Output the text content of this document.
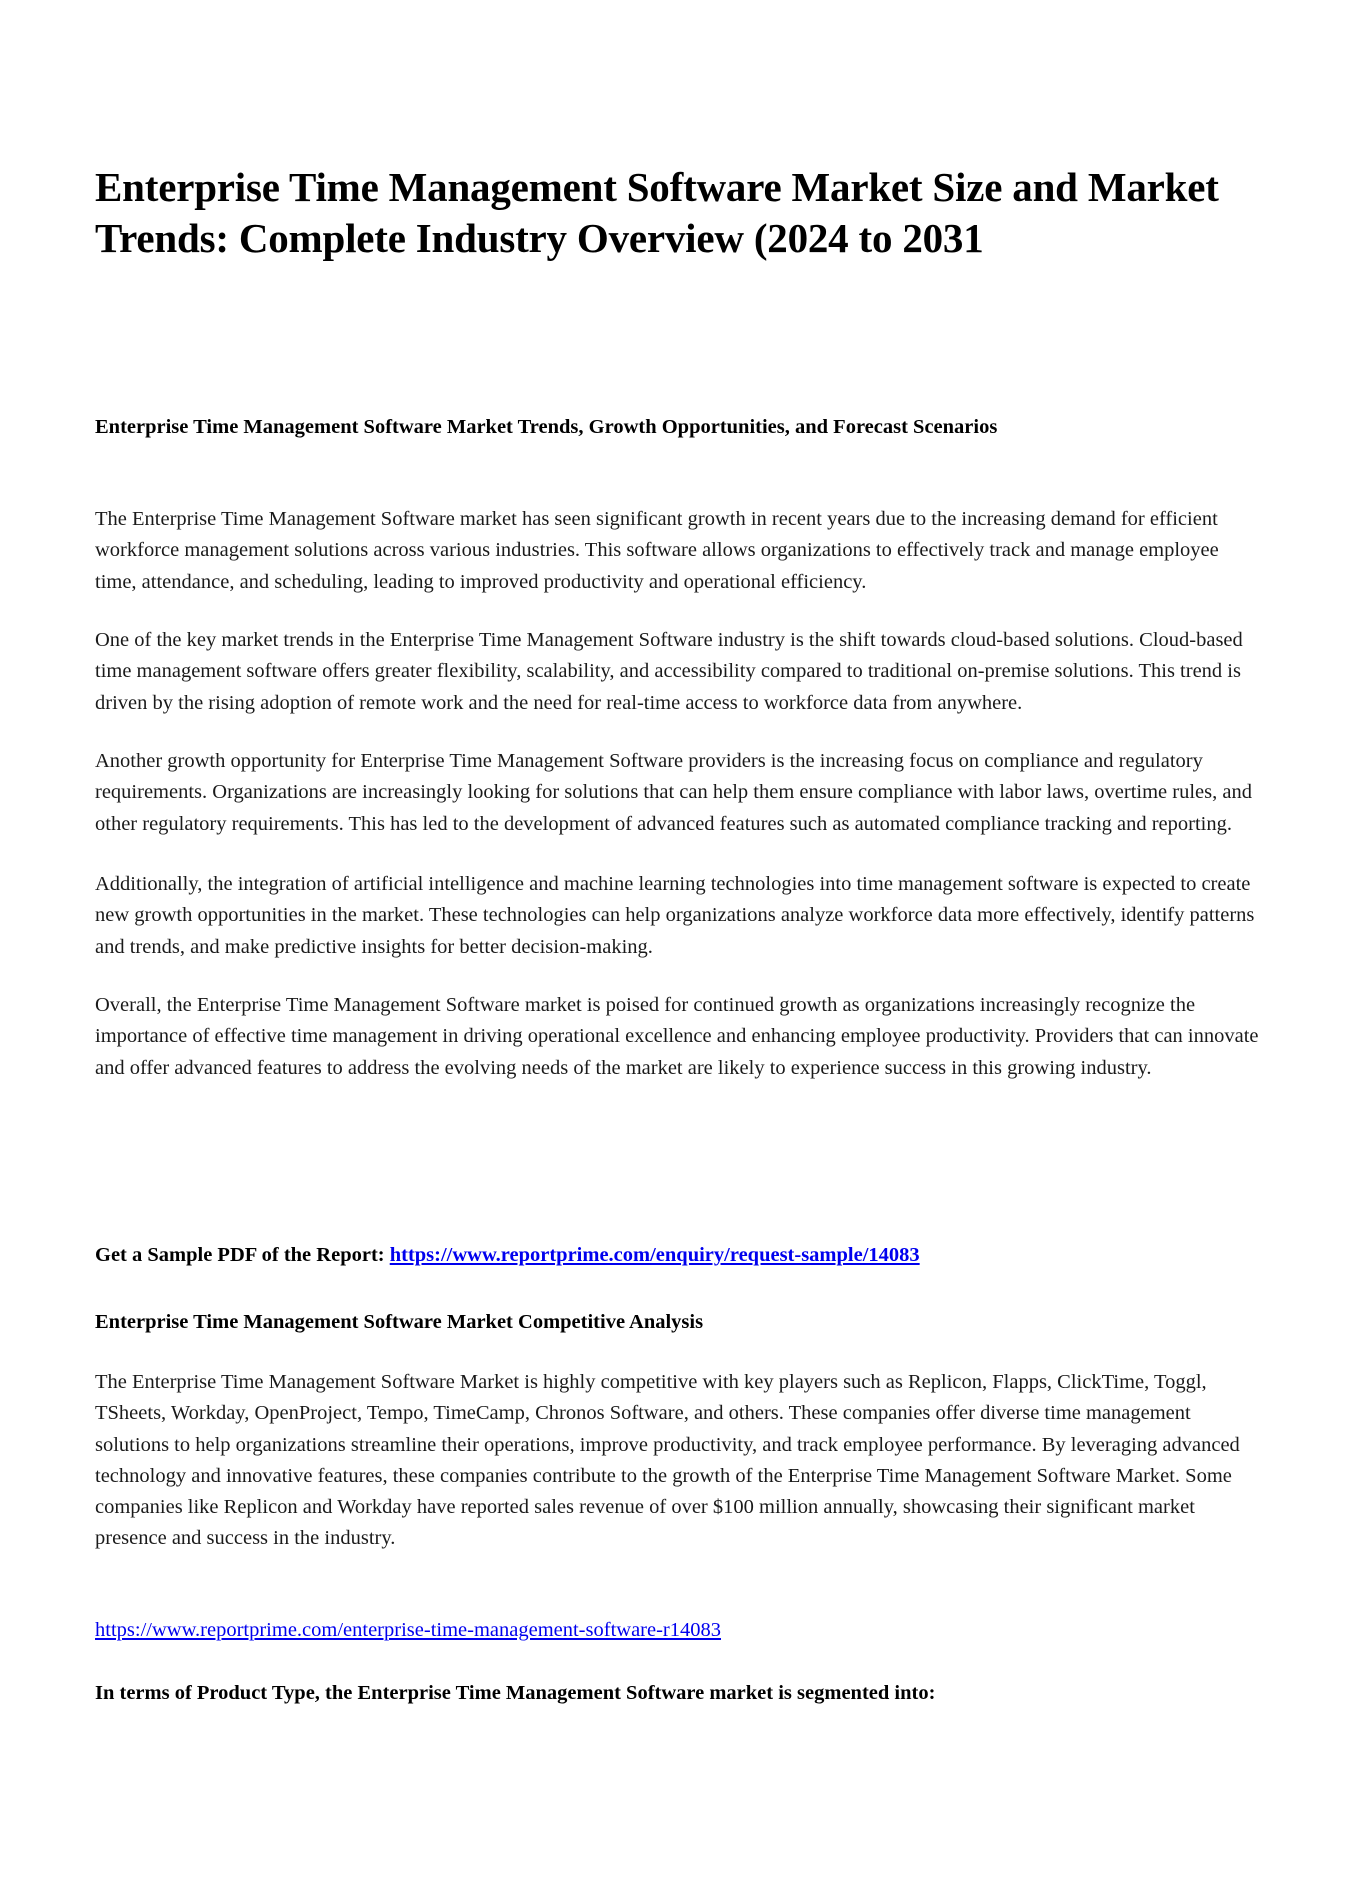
Enterprise Time Management Software Market Size and Market Trends: Complete Industry Overview (2024 to 2031
Enterprise Time Management Software Market Trends, Growth Opportunities, and Forecast Scenarios
The Enterprise Time Management Software market has seen significant growth in recent years due to the increasing demand for efficient workforce management solutions across various industries. This software allows organizations to effectively track and manage employee time, attendance, and scheduling, leading to improved productivity and operational efficiency.
One of the key market trends in the Enterprise Time Management Software industry is the shift towards cloud-based solutions. Cloud-based time management software offers greater flexibility, scalability, and accessibility compared to traditional on-premise solutions. This trend is driven by the rising adoption of remote work and the need for real-time access to workforce data from anywhere.
Another growth opportunity for Enterprise Time Management Software providers is the increasing focus on compliance and regulatory requirements. Organizations are increasingly looking for solutions that can help them ensure compliance with labor laws, overtime rules, and other regulatory requirements. This has led to the development of advanced features such as automated compliance tracking and reporting.
Additionally, the integration of artificial intelligence and machine learning technologies into time management software is expected to create new growth opportunities in the market. These technologies can help organizations analyze workforce data more effectively, identify patterns and trends, and make predictive insights for better decision-making.
Overall, the Enterprise Time Management Software market is poised for continued growth as organizations increasingly recognize the importance of effective time management in driving operational excellence and enhancing employee productivity. Providers that can innovate and offer advanced features to address the evolving needs of the market are likely to experience success in this growing industry.
Get a Sample PDF of the Report: https://www.reportprime.com/enquiry/request-sample/14083
Enterprise Time Management Software Market Competitive Analysis
The Enterprise Time Management Software Market is highly competitive with key players such as Replicon, Flapps, ClickTime, Toggl, TSheets, Workday, OpenProject, Tempo, TimeCamp, Chronos Software, and others. These companies offer diverse time management solutions to help organizations streamline their operations, improve productivity, and track employee performance. By leveraging advanced technology and innovative features, these companies contribute to the growth of the Enterprise Time Management Software Market. Some companies like Replicon and Workday have reported sales revenue of over $100 million annually, showcasing their significant market presence and success in the industry.
https://www.reportprime.com/enterprise-time-management-software-r14083
In terms of Product Type, the Enterprise Time Management Software market is segmented into:
